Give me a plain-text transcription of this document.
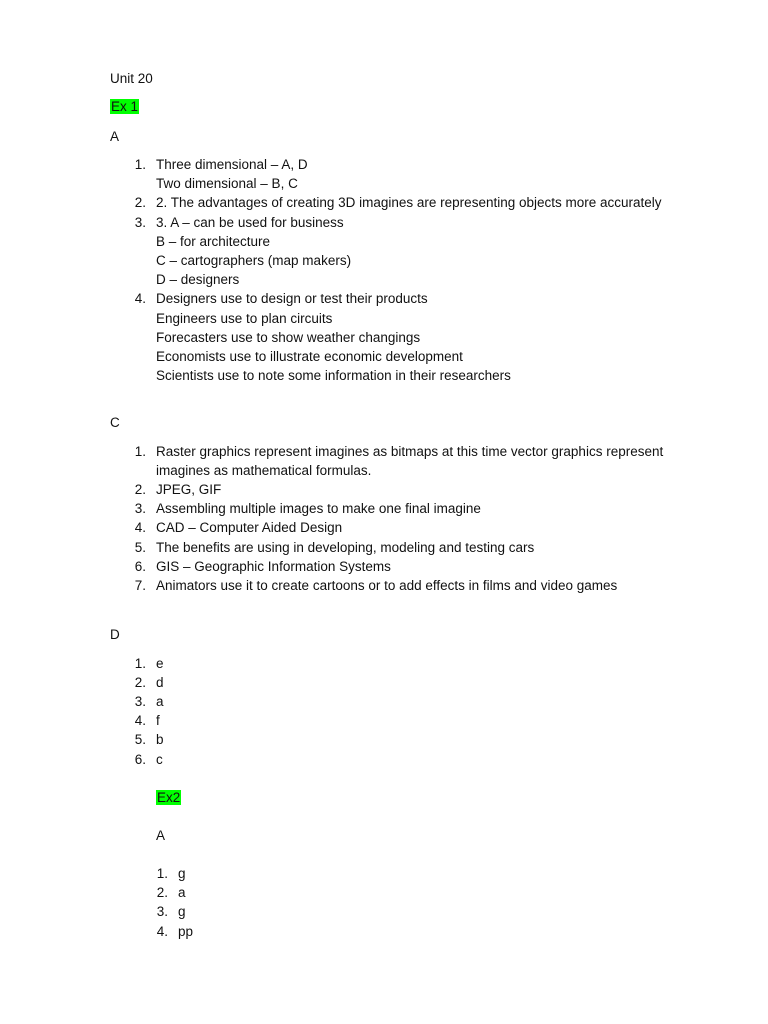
Unit 20
Ex 1
A
1. Three dimensional – A, D
Two dimensional – B, C
2. 2. The advantages of creating 3D imagines are representing objects more accurately
3. 3. A – can be used for business
B – for architecture
C – cartographers (map makers)
D – designers
4. Designers use to design or test their products
Engineers use to plan circuits
Forecasters use to show weather changings
Economists use to illustrate economic development
Scientists use to note some information in their researchers
C
1. Raster graphics represent imagines as bitmaps at this time vector graphics represent
imagines as mathematical formulas.
2. JPEG, GIF
3. Assembling multiple images to make one final imagine
4. CAD – Computer Aided Design
5. The benefits are using in developing, modeling and testing cars
6. GIS – Geographic Information Systems
7. Animators use it to create cartoons or to add effects in films and video games
D
1. e
2. d
3. a
4. f
5. b
6. c
Ex2
A
1. g
2. a
3. g
4. pp
